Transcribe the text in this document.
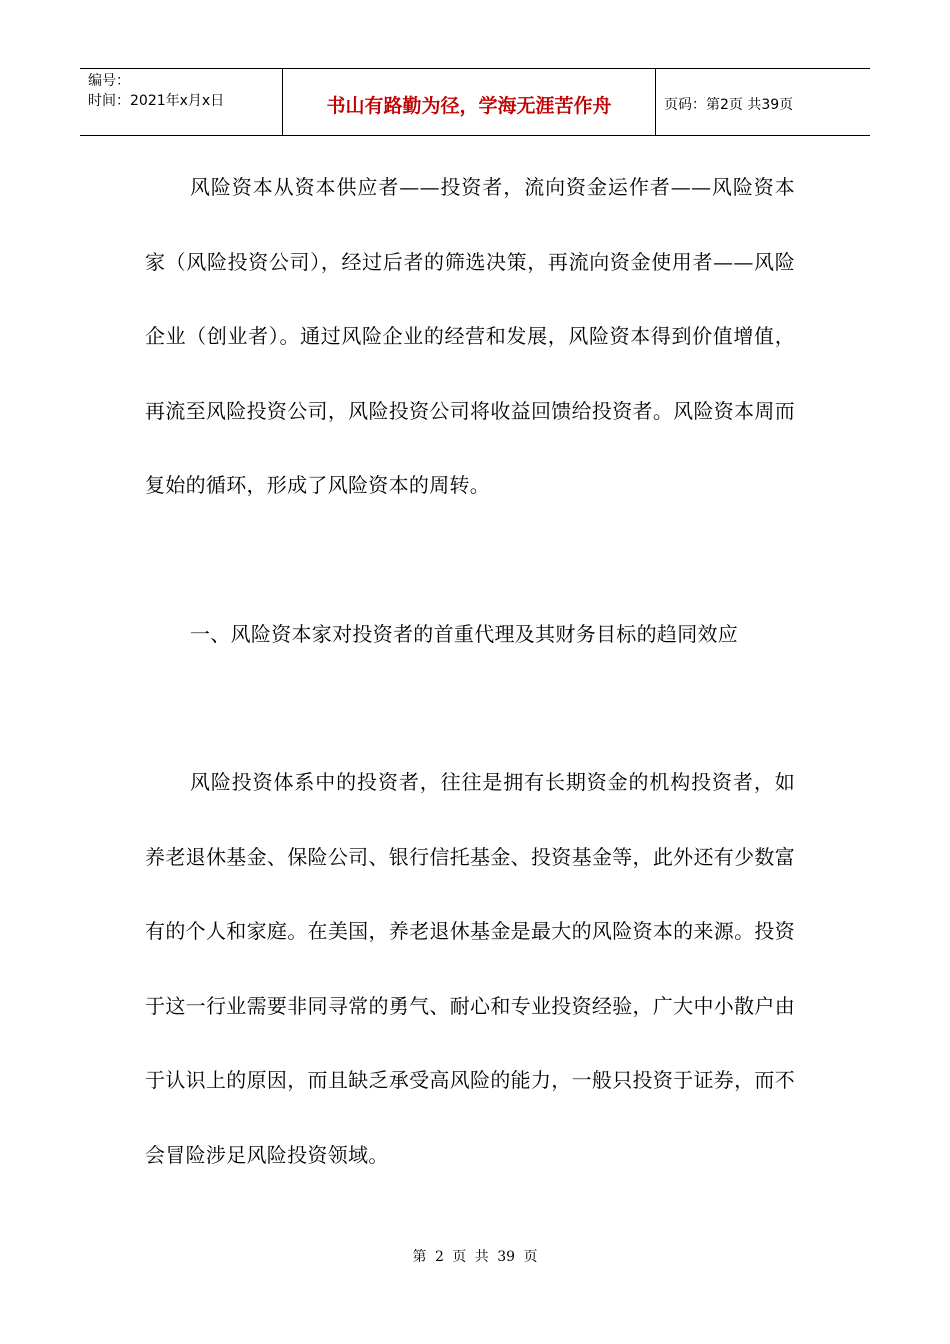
编号：
时间：2021年x月x日	书山有路勤为径，学海无涯苦作舟	页码：第2页 共39页

风险资本从资本供应者——投资者，流向资金运作者——风险资本家（风险投资公司），经过后者的筛选决策，再流向资金使用者——风险企业（创业者）。通过风险企业的经营和发展，风险资本得到价值增值，再流至风险投资公司，风险投资公司将收益回馈给投资者。风险资本周而复始的循环，形成了风险资本的周转。

一、风险资本家对投资者的首重代理及其财务目标的趋同效应

风险投资体系中的投资者，往往是拥有长期资金的机构投资者，如养老退休基金、保险公司、银行信托基金、投资基金等，此外还有少数富有的个人和家庭。在美国，养老退休基金是最大的风险资本的来源。投资于这一行业需要非同寻常的勇气、耐心和专业投资经验，广大中小散户由于认识上的原因，而且缺乏承受高风险的能力，一般只投资于证券，而不会冒险涉足风险投资领域。

第 2 页 共 39 页
